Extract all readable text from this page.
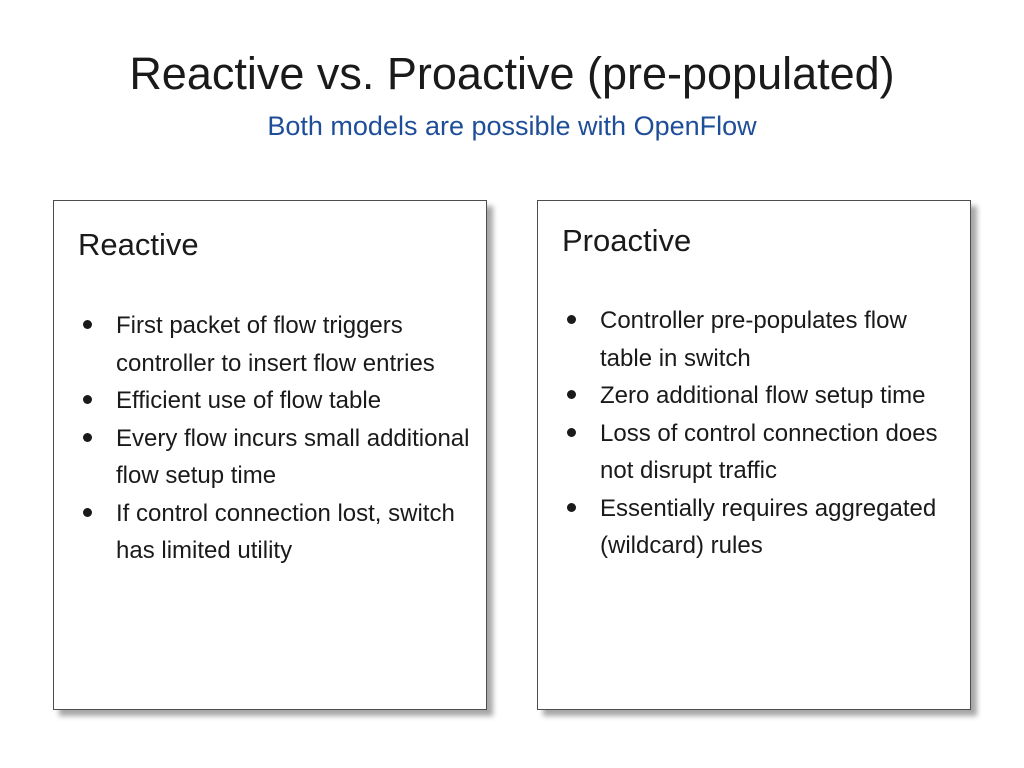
Reactive vs. Proactive (pre-populated)
Both models are possible with OpenFlow
Reactive
First packet of flow triggers controller to insert flow entries
Efficient use of flow table
Every flow incurs small additional flow setup time
If control connection lost, switch has limited utility
Proactive
Controller pre-populates flow table in switch
Zero additional flow setup time
Loss of control connection does not disrupt traffic
Essentially requires aggregated (wildcard) rules
